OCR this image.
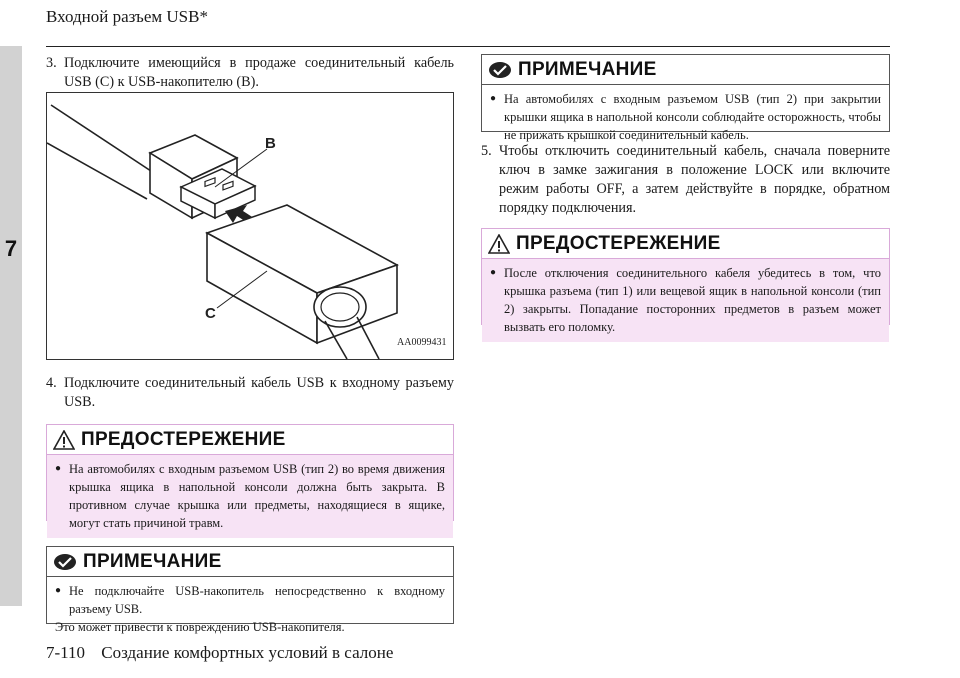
7
Входной разъем USB*
3. Подключите имеющийся в продаже соединительный кабель USB (C) к USB-накопителю (B).
B
C
AA0099431
4. Подключите соединительный кабель USB к входному разъему USB.
ПРЕДОСТЕРЕЖЕНИЕ
● На автомобилях с входным разъемом USB (тип 2) во время движения крышка ящика в напольной консоли должна быть закрыта. В противном случае крышка или предметы, находящиеся в ящике, могут стать причиной травм.
ПРИМЕЧАНИЕ
● Не подключайте USB-накопитель непосредственно к входному разъему USB.
Это может привести к повреждению USB-накопителя.
ПРИМЕЧАНИЕ
● На автомобилях с входным разъемом USB (тип 2) при закрытии крышки ящика в напольной консоли соблюдайте осторожность, чтобы не прижать крышкой соединительный кабель.
5. Чтобы отключить соединительный кабель, сначала поверните ключ в замке зажигания в положение LOCK или включите режим работы OFF, а затем действуйте в порядке, обратном порядку подключения.
ПРЕДОСТЕРЕЖЕНИЕ
● После отключения соединительного кабеля убедитесь в том, что крышка разъема (тип 1) или вещевой ящик в напольной консоли (тип 2) закрыты. Попадание посторонних предметов в разъем может вызвать его поломку.
7-110 Создание комфортных условий в салоне
